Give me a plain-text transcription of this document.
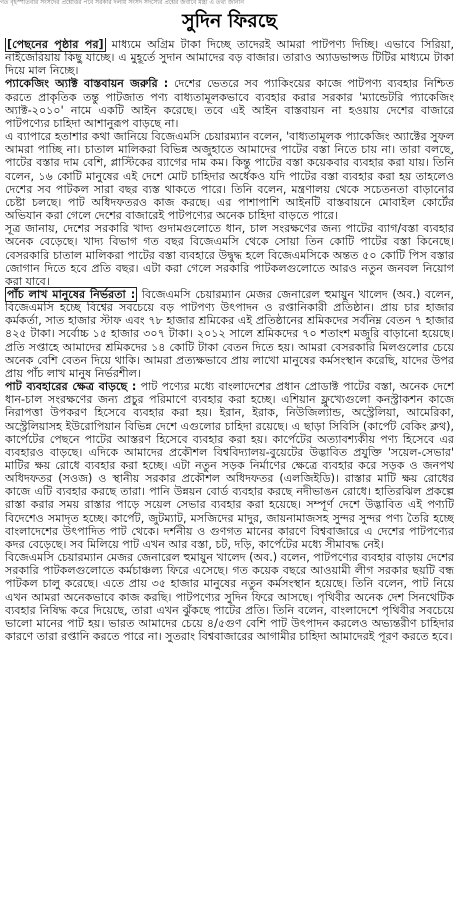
গত বৃহস্পতিবার সংসদের প্রশ্নোত্তর পর্বে সরকার দলীয় সংসদ সদস্যের প্রশ্নের জবাবে মন্ত্রী এ তথ্য জানান
সুদিন ফিরছে

[পেছনের পৃষ্ঠার পর] মাধ্যমে অগ্রিম টাকা দিচ্ছে তাদেরই আমরা পাটপণ্য দিচ্ছি। এভাবে সিরিয়া, নাইজেরিয়ায় কিছু যাচ্ছে। এ মুহূর্তে সুদান আমাদের বড় বাজার। তারাও অ্যাডভান্সড টিটির মাধ্যমে টাকা দিয়ে মাল নিচ্ছে।

প্যাকেজিং অ্যাক্ট বাস্তবায়ন জরুরি : দেশের ভেতরে সব প্যাকিংয়ের কাজে পাটপণ্য ব্যবহার নিশ্চিত করতে প্রাকৃতিক তন্তু পাটজাত পণ্য বাধ্যতামূলকভাবে ব্যবহার করার সরকার 'ম্যান্ডেটরি প্যাকেজিং অ্যাক্ট-২০১০' নামে একটি আইন করেছে। তবে এই আইন বাস্তবায়ন না হওয়ায় দেশের বাজারে পাটপণ্যের চাহিদা আশানুরূপ বাড়ছে না।

এ ব্যাপারে হতাশার কথা জানিয়ে বিজেএমসি চেয়ারম্যান বলেন, 'বাধ্যতামূলক প্যাকেজিং অ্যাক্টের সুফল আমরা পাচ্ছি না। চাতাল মালিকরা বিভিন্ন অজুহাতে আমাদের পাটের বস্তা নিতে চায় না। তারা বলছে, পাটের বস্তার দাম বেশি, প্লাস্টিকের ব্যাগের দাম কম। কিন্তু পাটের বস্তা কয়েকবার ব্যবহার করা যায়। তিনি বলেন, ১৬ কোটি মানুষের এই দেশে মোট চাহিদার অর্ধেকও যদি পাটের বস্তা ব্যবহার করা হয় তাহলেও দেশের সব পাটকল সারা বছর ব্যস্ত থাকতে পারে। তিনি বলেন, মন্ত্রণালয় থেকে সচেতনতা বাড়ানোর চেষ্টা চলছে। পাট অধিদফতরও কাজ করছে। এর পাশাপাশি আইনটি বাস্তবায়নে মোবাইল কোর্টের অভিযান করা গেলে দেশের বাজারেই পাটপণ্যের অনেক চাহিদা বাড়তে পারে।

সূত্র জানায়, দেশের সরকারি খাদ্য গুদামগুলোতে ধান, চাল সংরক্ষণের জন্য পাটের ব্যাগ/বস্তা ব্যবহার অনেক বেড়েছে। খাদ্য বিভাগ গত বছর বিজেএমসি থেকে সোয়া তিন কোটি পাটের বস্তা কিনেছে। বেসরকারি চাতাল মালিকরা পাটের বস্তা ব্যবহারে উদ্বুদ্ধ হলে বিজেএমসিকে অন্তত ৫০ কোটি পিস বস্তার জোগান দিতে হবে প্রতি বছর। এটা করা গেলে সরকারি পাটকলগুলোতে আরও নতুন জনবল নিয়োগ করা যাবে।

পাঁচ লাখ মানুষের নির্ভরতা : বিজেএমসি চেয়ারম্যান মেজর জেনারেল হুমায়ুন খালেদ (অব.) বলেন, বিজেএমসি হচ্ছে বিশ্বের সবচেয়ে বড় পাটপণ্য উৎপাদন ও রপ্তানিকারী প্রতিষ্ঠান। প্রায় চার হাজার কর্মকর্তা, সাত হাজার স্টাফ এবং ৭৮ হাজার শ্রমিকের এই প্রতিষ্ঠানের শ্রমিকদের সর্বনিম্ন বেতন ৭ হাজার ৪২৫ টাকা। সর্বোচ্চ ১৫ হাজার ৩০৭ টাকা। ২০১২ সালে শ্রমিকদের ৭০ শতাংশ মজুরি বাড়ানো হয়েছে। প্রতি সপ্তাহে আমাদের শ্রমিকদের ১৪ কোটি টাকা বেতন দিতে হয়। আমরা বেসরকারি মিলগুলোর চেয়ে অনেক বেশি বেতন দিয়ে থাকি। আমরা প্রত্যক্ষভাবে প্রায় লাখো মানুষের কর্মসংস্থান করেছি, যাদের উপর প্রায় পাঁচ লাখ মানুষ নির্ভরশীল।

পাট ব্যবহারের ক্ষেত্র বাড়ছে : পাট পণ্যের মধ্যে বাংলাদেশের প্রধান প্রোডাক্ট পাটের বস্তা, অনেক দেশে ধান-চাল সংরক্ষণের জন্য প্রচুর পরিমাণে ব্যবহার করা হচ্ছে। এশিয়ান ফ্লুখ্যেগুলো কনস্ট্রাকশন কাজে নিরাপত্তা উপকরণ হিসেবে ব্যবহার করা হয়। ইরান, ইরাক, নিউজিল্যান্ড, অস্ট্রেলিয়া, আমেরিকা, অস্ট্রেলিয়াসহ ইউরোপিয়ান বিভিন্ন দেশে এগুলোর চাহিদা রয়েছে। এ ছাড়া সিবিসি (কার্পেট বেকিং ক্লথ), কার্পেটের পেছনে পাটের আস্তরণ হিসেবে ব্যবহার করা হয়। কার্পেটের অত্যাবশ্যকীয় পণ্য হিসেবে এর ব্যবহারও বাড়ছে। এদিকে আমাদের প্রকৌশল বিশ্ববিদ্যালয়-বুয়েটের উদ্ভাবিত প্রযুক্তি 'সয়েল-সেভার' মাটির ক্ষয় রোধে ব্যবহার করা হচ্ছে। এটা নতুন সড়ক নির্মাণের ক্ষেত্রে ব্যবহার করে সড়ক ও জনপথ অধিদফতর (সওজ) ও স্থানীয় সরকার প্রকৌশল অধিদফতর (এলজিইডি)। রাস্তার মাটি ক্ষয় রোধের কাজে এটি ব্যবহার করছে তারা। পানি উন্নয়ন বোর্ড ব্যবহার করছে নদীভাঙন রোধে। হাতিরঝিল প্রকল্পে রাস্তা করার সময় রাস্তার পাড়ে সয়েল সেভার ব্যবহার করা হয়েছে। সম্পূর্ণ দেশে উদ্ভাবিত এই পণ্যটি বিদেশেও সমাদৃত হচ্ছে। কার্পেট, জুটম্যাট, মসজিদের মাদুর, জায়নামাজসহ সুন্দর সুন্দর পণ্য তৈরি হচ্ছে বাংলাদেশের উৎপাদিত পাট থেকে। দর্শনীয় ও গুণগত মানের কারণে বিশ্ববাজারে এ দেশের পাটপণ্যের কদর বেড়েছে। সব মিলিয়ে পাট এখন আর বস্তা, চট, দড়ি, কার্পেটের মধ্যে সীমাবদ্ধ নেই।

বিজেএমসি চেয়ারম্যান মেজর জেনারেল হুমায়ুন খালেদ (অব.) বলেন, পাটপণ্যের ব্যবহার বাড়ায় দেশের সরকারি পাটকলগুলোতে কর্মচাঞ্চল্য ফিরে এসেছে। গত কয়েক বছরে আওয়ামী লীগ সরকার ছয়টি বন্ধ পাটকল চালু করেছে। এতে প্রায় ৩৫ হাজার মানুষের নতুন কর্মসংস্থান হয়েছে। তিনি বলেন, পাট নিয়ে এখন আমরা অনেকভাবে কাজ করছি। পাটপণ্যের সুদিন ফিরে আসছে। পৃথিবীর অনেক দেশ সিনথেটিক ব্যবহার নিষিদ্ধ করে দিয়েছে, তারা এখন ঝুঁকছে পাটের প্রতি। তিনি বলেন, বাংলাদেশে পৃথিবীর সবচেয়ে ভালো মানের পাট হয়। ভারত আমাদের চেয়ে ৪/৫গুণ বেশি পাট উৎপাদন করলেও অভ্যন্তরীণ চাহিদার কারণে তারা রপ্তানি করতে পারে না। সুতরাং বিশ্ববাজারের আগামীর চাহিদা আমাদেরই পূরণ করতে হবে।
